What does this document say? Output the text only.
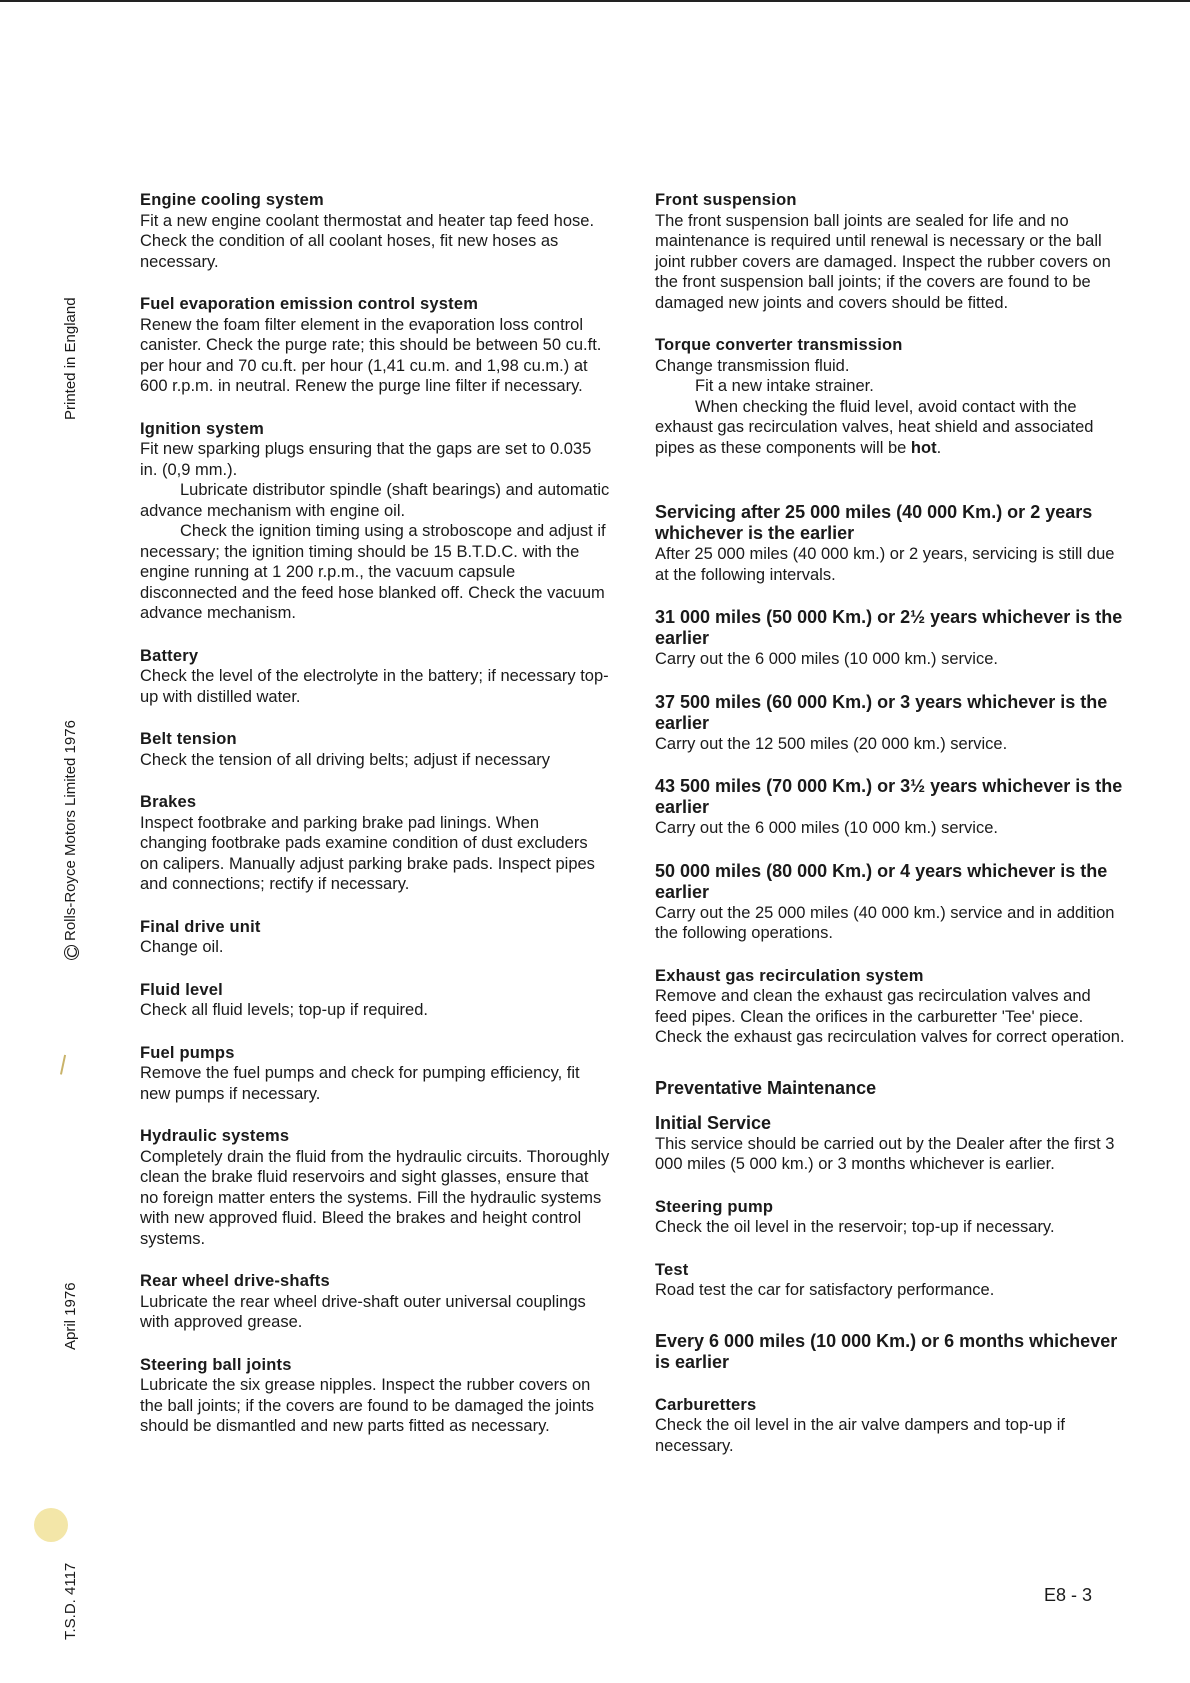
Printed in England
CRolls-Royce Motors Limited 1976
April 1976
T.S.D. 4117
Engine cooling system

Fit a new engine coolant thermostat and heater tap feed hose. Check the condition of all coolant hoses, fit new hoses as necessary.

Fuel evaporation emission control system

Renew the foam filter element in the evaporation loss control canister. Check the purge rate; this should be between 50 cu.ft. per hour and 70 cu.ft. per hour (1,41 cu.m. and 1,98 cu.m.) at 600 r.p.m. in neutral. Renew the purge line filter if necessary.

Ignition system

Fit new sparking plugs ensuring that the gaps are set to 0.035 in. (0,9 mm.).

Lubricate distributor spindle (shaft bearings) and automatic advance mechanism with engine oil.

Check the ignition timing using a stroboscope and adjust if necessary; the ignition timing should be 15 B.T.D.C. with the engine running at 1 200 r.p.m., the vacuum capsule disconnected and the feed hose blanked off. Check the vacuum advance mechanism.

Battery

Check the level of the electrolyte in the battery; if necessary top-up with distilled water.

Belt tension

Check the tension of all driving belts; adjust if necessary

Brakes

Inspect footbrake and parking brake pad linings. When changing footbrake pads examine condition of dust excluders on calipers. Manually adjust parking brake pads. Inspect pipes and connections; rectify if necessary.

Final drive unit

Change oil.

Fluid level

Check all fluid levels; top-up if required.

Fuel pumps

Remove the fuel pumps and check for pumping efficiency, fit new pumps if necessary.

Hydraulic systems

Completely drain the fluid from the hydraulic circuits. Thoroughly clean the brake fluid reservoirs and sight glasses, ensure that no foreign matter enters the systems. Fill the hydraulic systems with new approved fluid. Bleed the brakes and height control systems.

Rear wheel drive-shafts

Lubricate the rear wheel drive-shaft outer universal couplings with approved grease.

Steering ball joints

Lubricate the six grease nipples. Inspect the rubber covers on the ball joints; if the covers are found to be damaged the joints should be dismantled and new parts fitted as necessary.

Front suspension

The front suspension ball joints are sealed for life and no maintenance is required until renewal is necessary or the ball joint rubber covers are damaged. Inspect the rubber covers on the front suspension ball joints; if the covers are found to be damaged new joints and covers should be fitted.

Torque converter transmission

Change transmission fluid.

Fit a new intake strainer.

When checking the fluid level, avoid contact with the exhaust gas recirculation valves, heat shield and associated pipes as these components will be hot.

Servicing after 25 000 miles (40 000 Km.) or 2 years whichever is the earlier

After 25 000 miles (40 000 km.) or 2 years, servicing is still due at the following intervals.

31 000 miles (50 000 Km.) or 2½ years whichever is the earlier

Carry out the 6 000 miles (10 000 km.) service.

37 500 miles (60 000 Km.) or 3 years whichever is the earlier

Carry out the 12 500 miles (20 000 km.) service.

43 500 miles (70 000 Km.) or 3½ years whichever is the earlier

Carry out the 6 000 miles (10 000 km.) service.

50 000 miles (80 000 Km.) or 4 years whichever is the earlier

Carry out the 25 000 miles (40 000 km.) service and in addition the following operations.

Exhaust gas recirculation system

Remove and clean the exhaust gas recirculation valves and feed pipes. Clean the orifices in the carburetter 'Tee' piece. Check the exhaust gas recirculation valves for correct operation.

Preventative Maintenance
Initial Service

This service should be carried out by the Dealer after the first 3 000 miles (5 000 km.) or 3 months whichever is earlier.

Steering pump

Check the oil level in the reservoir; top-up if necessary.

Test

Road test the car for satisfactory performance.

Every 6 000 miles (10 000 Km.) or 6 months whichever is earlier
Carburetters

Check the oil level in the air valve dampers and top-up if necessary.

E8 - 3
